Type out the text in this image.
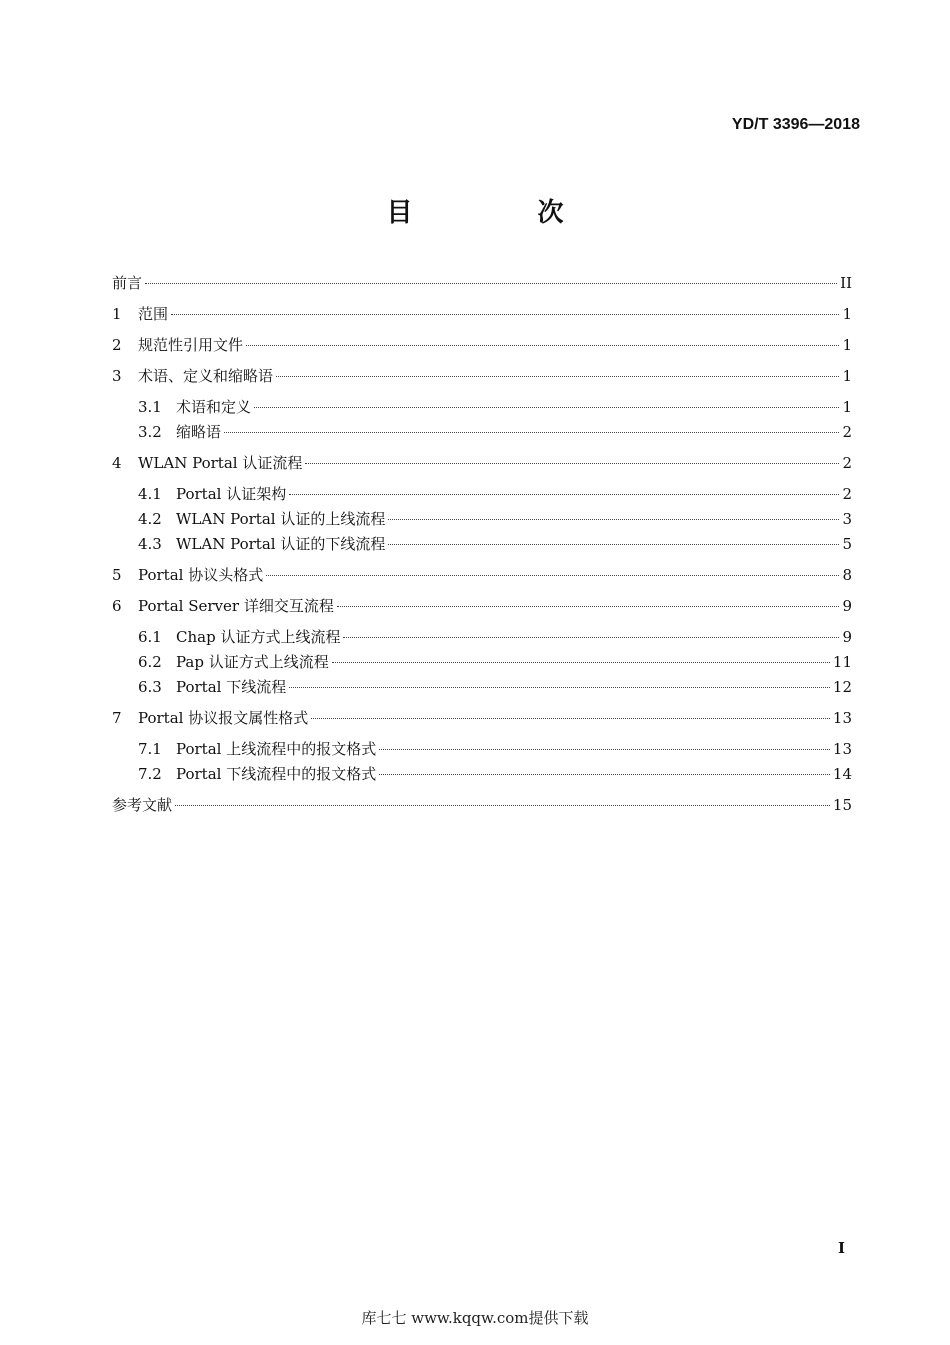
YD/T 3396—2018
目 次
前言	II
1	范围	1
2	规范性引用文件	1
3	术语、定义和缩略语	1
3.1 术语和定义	1
3.2 缩略语	2
4	WLAN Portal 认证流程	2
4.1 Portal 认证架构	2
4.2 WLAN Portal 认证的上线流程	3
4.3 WLAN Portal 认证的下线流程	5
5	Portal 协议头格式	8
6	Portal Server 详细交互流程	9
6.1 Chap 认证方式上线流程	9
6.2 Pap 认证方式上线流程	11
6.3 Portal 下线流程	12
7	Portal 协议报文属性格式	13
7.1 Portal 上线流程中的报文格式	13
7.2 Portal 下线流程中的报文格式	14
参考文献	15
I
库七七 www.kqqw.com提供下载
